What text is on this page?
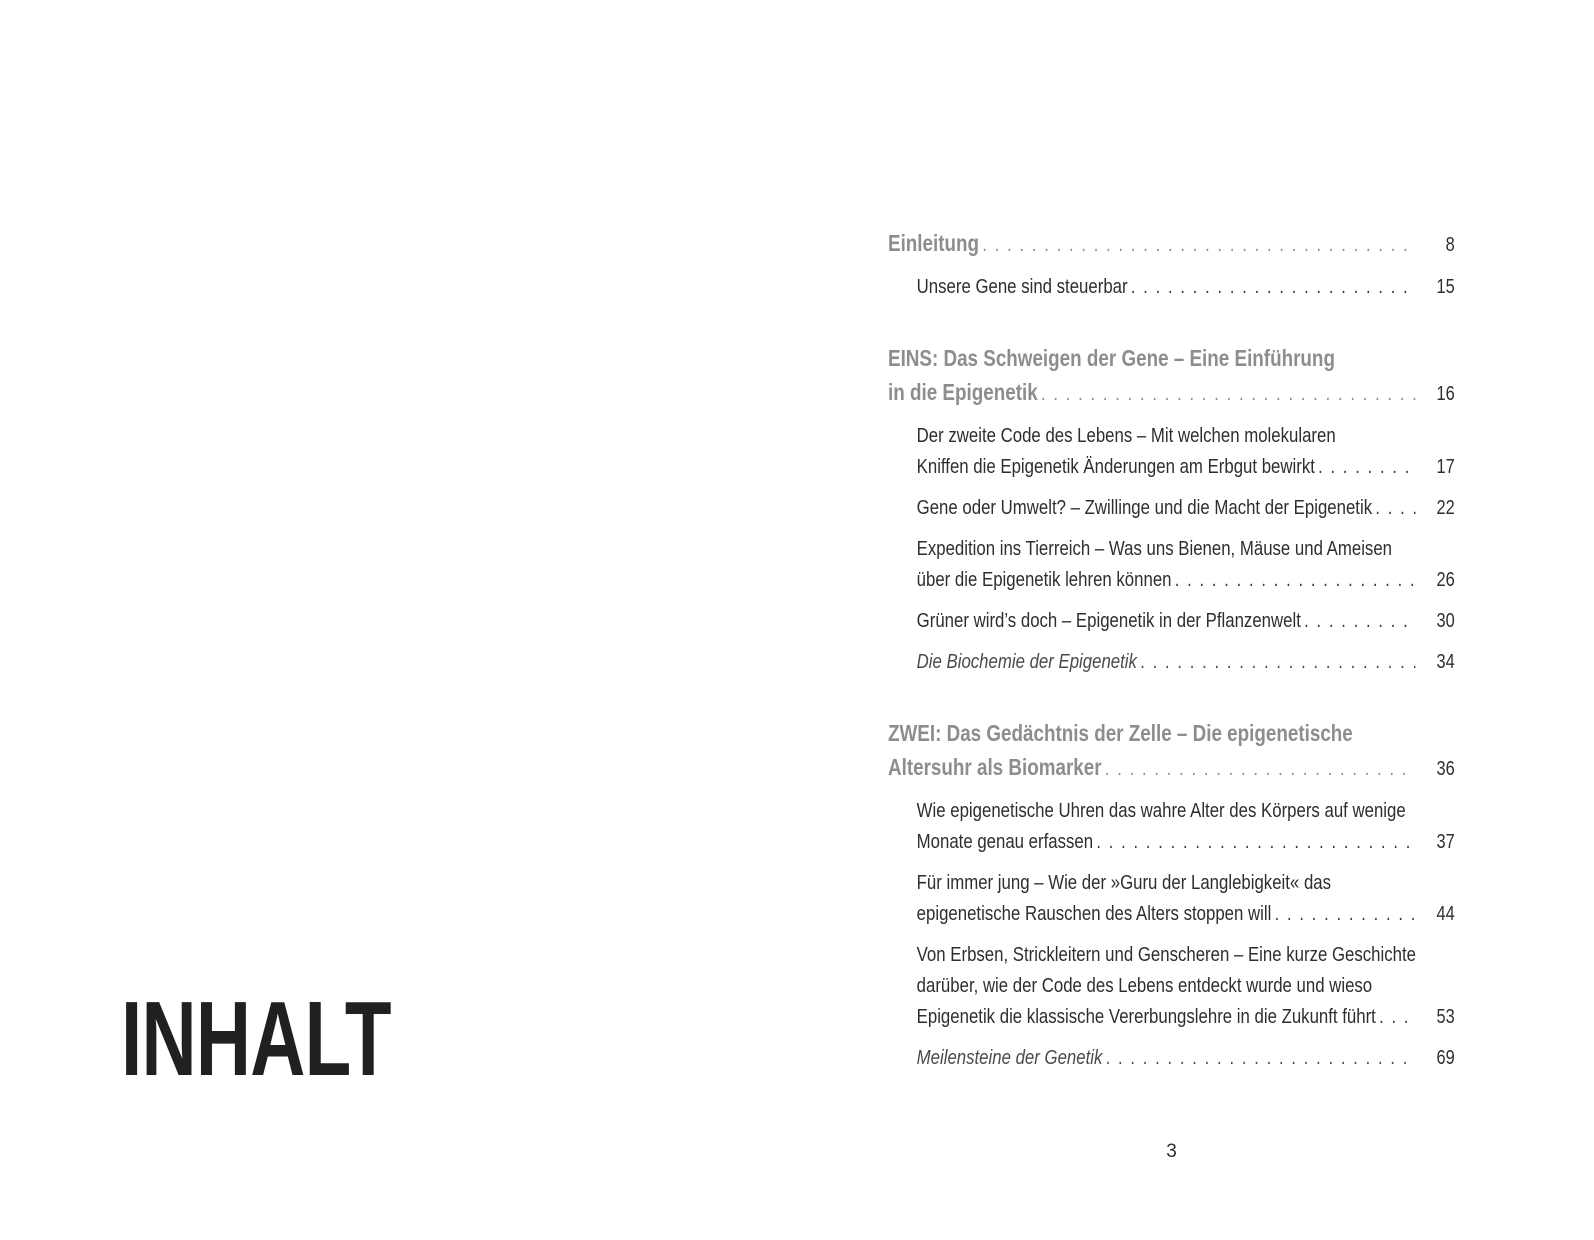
INHALT
Einleitung . . .	8
Unsere Gene sind steuerbar . . .	15
EINS: Das Schweigen der Gene – Eine Einführung
in die Epigenetik . . .	16
Der zweite Code des Lebens – Mit welchen molekularen
Kniffen die Epigenetik Änderungen am Erbgut bewirkt . . .	17
Gene oder Umwelt? – Zwillinge und die Macht der Epigenetik . . .	22
Expedition ins Tierreich – Was uns Bienen, Mäuse und Ameisen
über die Epigenetik lehren können . . .	26
Grüner wird’s doch – Epigenetik in der Pflanzenwelt . . .	30
Die Biochemie der Epigenetik . . .	34
ZWEI: Das Gedächtnis der Zelle – Die epigenetische
Altersuhr als Biomarker . . .	36
Wie epigenetische Uhren das wahre Alter des Körpers auf wenige
Monate genau erfassen . . .	37
Für immer jung – Wie der »Guru der Langlebigkeit« das
epigenetische Rauschen des Alters stoppen will . . .	44
Von Erbsen, Strickleitern und Genscheren – Eine kurze Geschichte
darüber, wie der Code des Lebens entdeckt wurde und wieso
Epigenetik die klassische Vererbungslehre in die Zukunft führt . . .	53
Meilensteine der Genetik . . .	69
3
